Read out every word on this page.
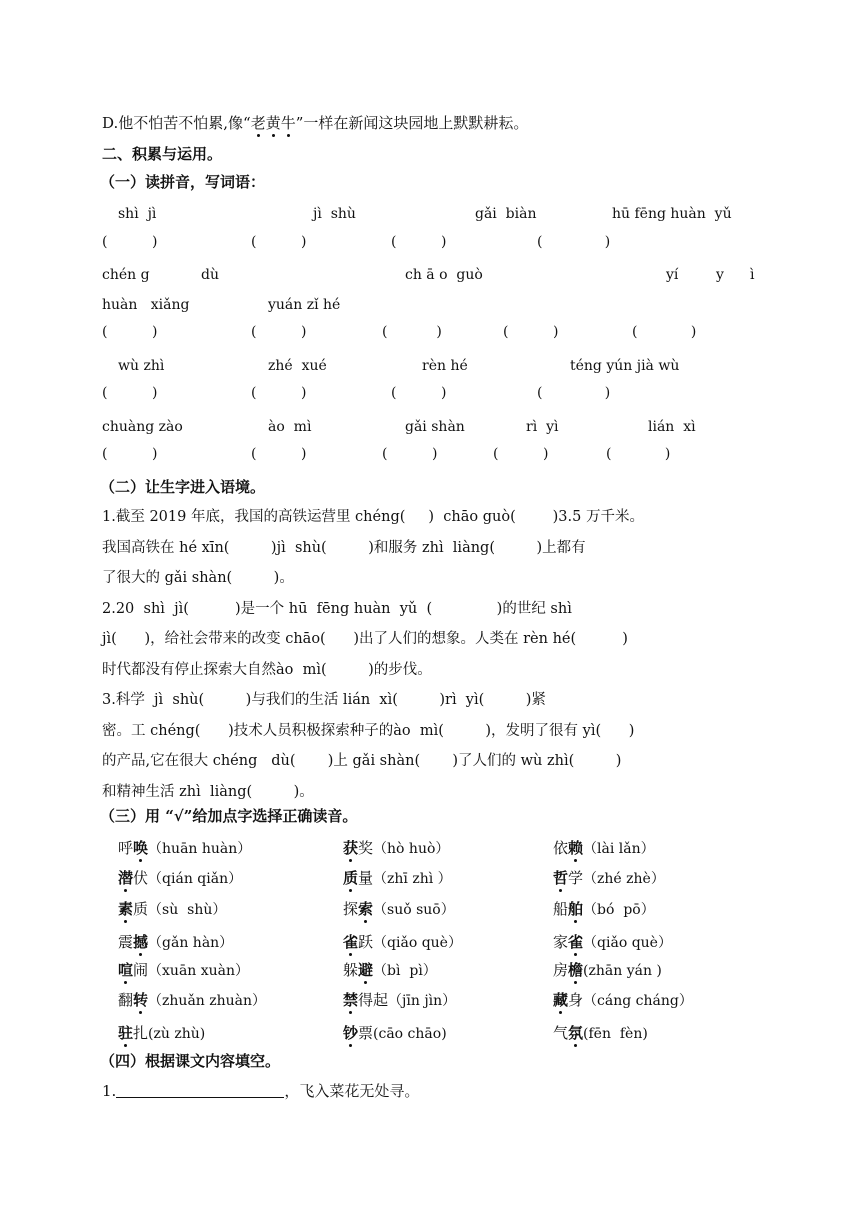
D.他不怕苦不怕累,像“老黄牛”一样在新闻这块园地上默默耕耘。
二、积累与运用。
（一）读拼音，写词语：
shì  jì	jì  shù	gǎi  biàn	hū fēng huàn  yǔ
(          )	(          )	(          )	(              )
chén g	dù	ch ā o  guò	yí	y ì
huàn   xiǎng	yuán zǐ hé
(          )	(          )	(           )	(          )	(            )
wù zhì	zhé  xué	rèn hé	téng yún jià wù
(          )	(          )	(          )	(              )
chuàng zào	ào  mì	gǎi shàn	rì  yì	lián  xì
(          )	(          )	(          )	(          )	(            )
（二）让生字进入语境。
1.截至 2019 年底，我国的高铁运营里 chéng(     )  chāo guò(        )3.5 万千米。
我国高铁在 hé xīn(         )jì  shù(         )和服务 zhì  liàng(         )上都有
了很大的 gǎi shàn(         )。
2.20  shì  jì(          )是一个 hū  fēng huàn  yǔ  (              )的世纪 shì
jì(      )，给社会带来的改变 chāo(      )出了人们的想象。人类在 rèn hé(          )
时代都没有停止探索大自然ào  mì(         )的步伐。
3.科学  jì  shù(         )与我们的生活 lián  xì(         )rì  yì(         )紧
密。工 chéng(      )技术人员积极探索种子的ào  mì(         )，发明了很有 yì(      )
的产品,它在很大 chéng   dù(       )上 gǎi shàn(       )了人们的 wù zhì(         )
和精神生活 zhì  liàng(         )。
（三）用 “√”给加点字选择正确读音。
呼唤（huān huàn）	获奖（hò huò）	依赖（lài lǎn）
潜伏（qián qiǎn）	质量（zhī zhì ）	哲学（zhé zhè）
素质（sù  shù）	探索（suǒ suō）	船舶（bó  pō）
震撼（gǎn hàn）	雀跃（qiǎo què）	家雀（qiǎo què）
喧闹（xuān xuàn）	躲避（bì  pì）	房檐(zhān yán )
翻转（zhuǎn zhuàn）	禁得起（jīn jìn）	藏身（cáng cháng）
驻扎(zù zhù)	钞票(cāo chāo)	气氛(fēn  fèn)
（四）根据课文内容填空。
1.	，飞入菜花无处寻。
